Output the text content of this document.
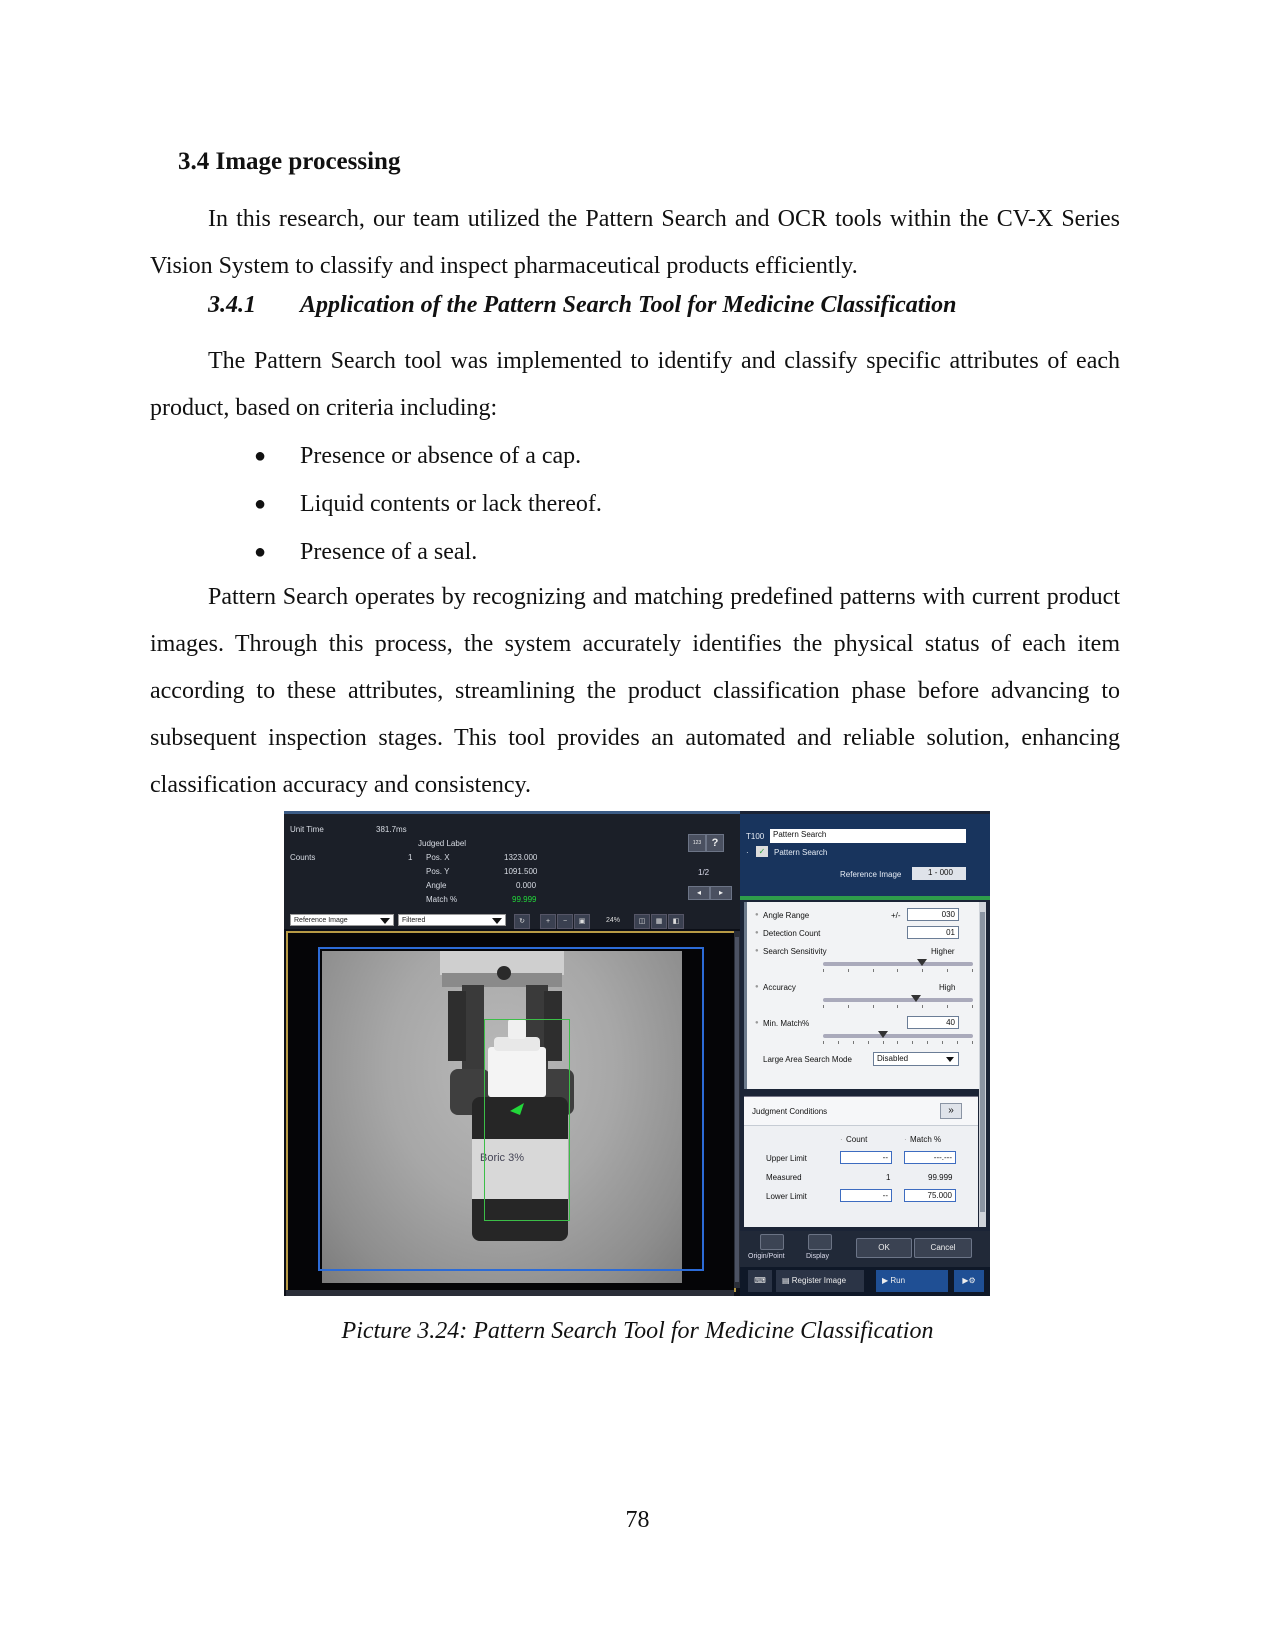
3.4 Image processing

In this research, our team utilized the Pattern Search and OCR tools within the CV-X Series Vision System to classify and inspect pharmaceutical products efficiently.

3.4.1 Application of the Pattern Search Tool for Medicine Classification

The Pattern Search tool was implemented to identify and classify specific attributes of each product, based on criteria including:

● Presence or absence of a cap.
● Liquid contents or lack thereof.
● Presence of a seal.

Pattern Search operates by recognizing and matching predefined patterns with current product images. Through this process, the system accurately identifies the physical status of each item according to these attributes, streamlining the product classification phase before advancing to subsequent inspection stages. This tool provides an automated and reliable solution, enhancing classification accuracy and consistency.

Unit Time	381.7ms
Judged Label
Counts	1 Pos. X	1323.000
Pos. Y	1091.500
Angle	0.000
Match %	99.999
123 ?
1/2
◂	▸
Reference Image	Filtered	↻	+	−	▣	24%	◫	▦	◧
Boric 3%
T100	Pattern Search
·	✓	Pattern Search
Reference Image	1 - 000
● Angle Range	+/-	030
● Detection Count	01
● Search Sensitivity	Higher
● Accuracy	High
● Min. Match%	40
Large Area Search Mode	Disabled
Judgment Conditions	»
· Count	· Match %
Upper Limit	--	---.---
Measured	1	99.999
Lower Limit	--	75.000
Origin/Point	Display
OK	Cancel
⌨	▤ Register Image	▶ Run	▶⚙
Picture 3.24: Pattern Search Tool for Medicine Classification
78
